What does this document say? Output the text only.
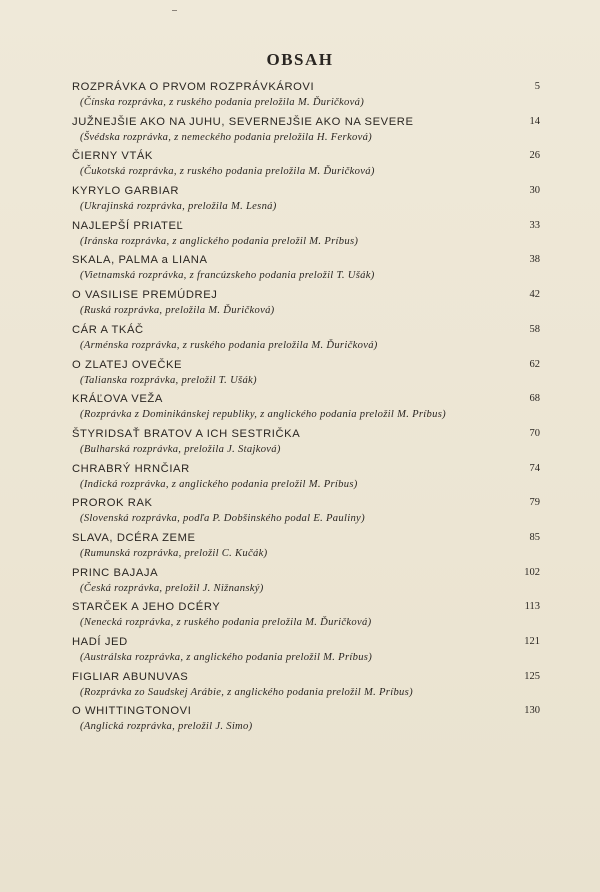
OBSAH
ROZPRÁVKA O PRVOM ROZPRÁVKÁROVI
(Čínska rozprávka, z ruského podania preložila M. Ďuričková)
5
JUŽNEJŠIE AKO NA JUHU, SEVERNEJŠIE AKO NA SEVERE
(Švédska rozprávka, z nemeckého podania preložila H. Ferková)
14
ČIERNY VTÁK
(Čukotská rozprávka, z ruského podania preložila M. Ďuričková)
26
KYRYLO GARBIAR
(Ukrajinská rozprávka, preložila M. Lesná)
30
NAJLEPŠÍ PRIATEĽ
(Iránska rozprávka, z anglického podania preložil M. Príbus)
33
SKALA, PALMA a LIANA
(Vietnamská rozprávka, z francúzskeho podania preložil T. Ušák)
38
O VASILISE PREMÚDREJ
(Ruská rozprávka, preložila M. Ďuričková)
42
CÁR A TKÁČ
(Arménska rozprávka, z ruského podania preložila M. Ďuričková)
58
O ZLATEJ OVEČKE
(Talianska rozprávka, preložil T. Ušák)
62
KRÁĽOVA VEŽA
(Rozprávka z Dominikánskej republiky, z anglického podania preložil M. Príbus)
68
ŠTYRIDSAŤ BRATOV A ICH SESTRIČKA
(Bulharská rozprávka, preložila J. Stajková)
70
CHRABRÝ HRNČIAR
(Indická rozprávka, z anglického podania preložil M. Príbus)
74
PROROK RAK
(Slovenská rozprávka, podľa P. Dobšinského podal E. Pauliny)
79
SLAVA, DCÉRA ZEME
(Rumunská rozprávka, preložil C. Kučák)
85
PRINC BAJAJA
(Česká rozprávka, preložil J. Nižnanský)
102
STARČEK A JEHO DCÉRY
(Nenecká rozprávka, z ruského podania preložila M. Ďuričková)
113
HADÍ JED
(Austrálska rozprávka, z anglického podania preložil M. Príbus)
121
FIGLIAR ABUNUVAS
(Rozprávka zo Saudskej Arábie, z anglického podania preložil M. Príbus)
125
O WHITTINGTONOVI
(Anglická rozprávka, preložil J. Simo)
130
